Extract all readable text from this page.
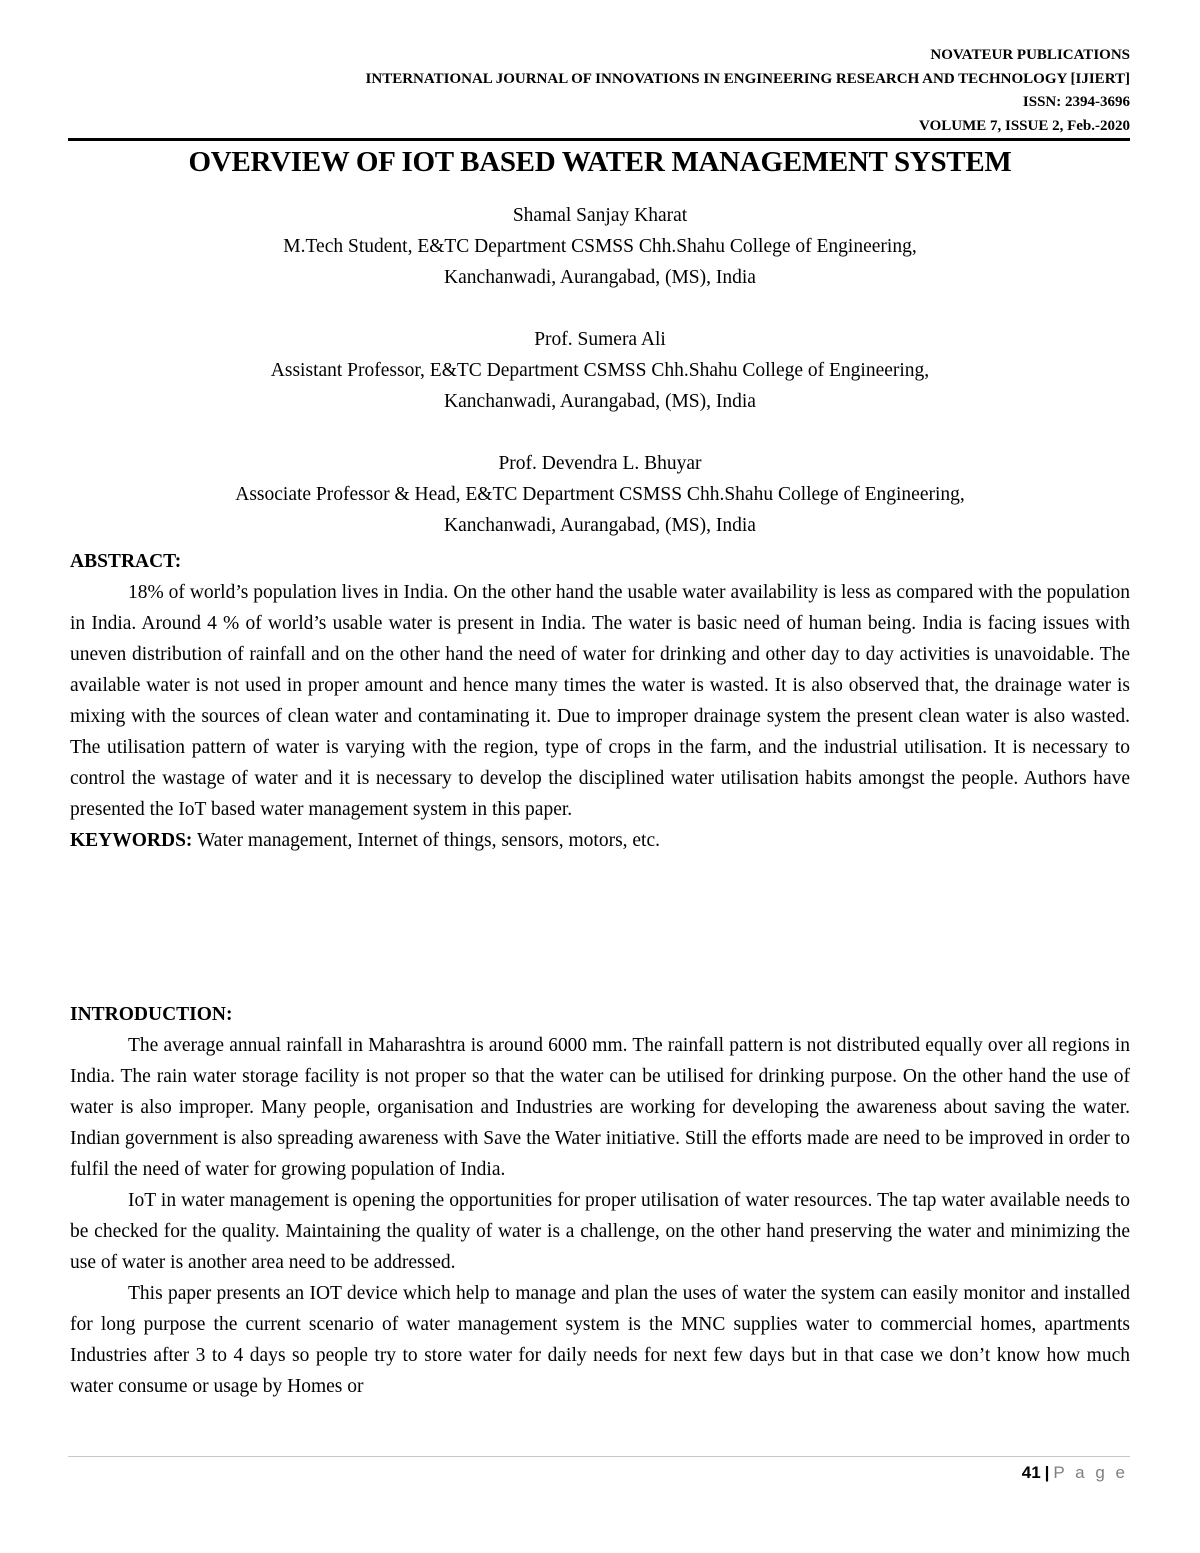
NOVATEUR PUBLICATIONS
INTERNATIONAL JOURNAL OF INNOVATIONS IN ENGINEERING RESEARCH AND TECHNOLOGY [IJIERT]
ISSN: 2394-3696
VOLUME 7, ISSUE 2, Feb.-2020
OVERVIEW OF IOT BASED WATER MANAGEMENT SYSTEM
Shamal Sanjay Kharat
M.Tech Student, E&TC Department CSMSS Chh.Shahu College of Engineering,
Kanchanwadi, Aurangabad, (MS), India
Prof. Sumera Ali
Assistant Professor, E&TC Department CSMSS Chh.Shahu College of Engineering,
Kanchanwadi, Aurangabad, (MS), India
Prof. Devendra L. Bhuyar
Associate Professor & Head, E&TC Department CSMSS Chh.Shahu College of Engineering,
Kanchanwadi, Aurangabad, (MS), India
ABSTRACT:

18% of world’s population lives in India. On the other hand the usable water availability is less as compared with the population in India. Around 4 % of world’s usable water is present in India. The water is basic need of human being. India is facing issues with uneven distribution of rainfall and on the other hand the need of water for drinking and other day to day activities is unavoidable. The available water is not used in proper amount and hence many times the water is wasted. It is also observed that, the drainage water is mixing with the sources of clean water and contaminating it. Due to improper drainage system the present clean water is also wasted. The utilisation pattern of water is varying with the region, type of crops in the farm, and the industrial utilisation. It is necessary to control the wastage of water and it is necessary to develop the disciplined water utilisation habits amongst the people. Authors have presented the IoT based water management system in this paper.

KEYWORDS: Water management, Internet of things, sensors, motors, etc.
INTRODUCTION:

The average annual rainfall in Maharashtra is around 6000 mm. The rainfall pattern is not distributed equally over all regions in India. The rain water storage facility is not proper so that the water can be utilised for drinking purpose. On the other hand the use of water is also improper. Many people, organisation and Industries are working for developing the awareness about saving the water. Indian government is also spreading awareness with Save the Water initiative. Still the efforts made are need to be improved in order to fulfil the need of water for growing population of India.

IoT in water management is opening the opportunities for proper utilisation of water resources. The tap water available needs to be checked for the quality. Maintaining the quality of water is a challenge, on the other hand preserving the water and minimizing the use of water is another area need to be addressed.

This paper presents an IOT device which help to manage and plan the uses of water the system can easily monitor and installed for long purpose the current scenario of water management system is the MNC supplies water to commercial homes, apartments Industries after 3 to 4 days so people try to store water for daily needs for next few days but in that case we don’t know how much water consume or usage by Homes or

41 | P a g e
